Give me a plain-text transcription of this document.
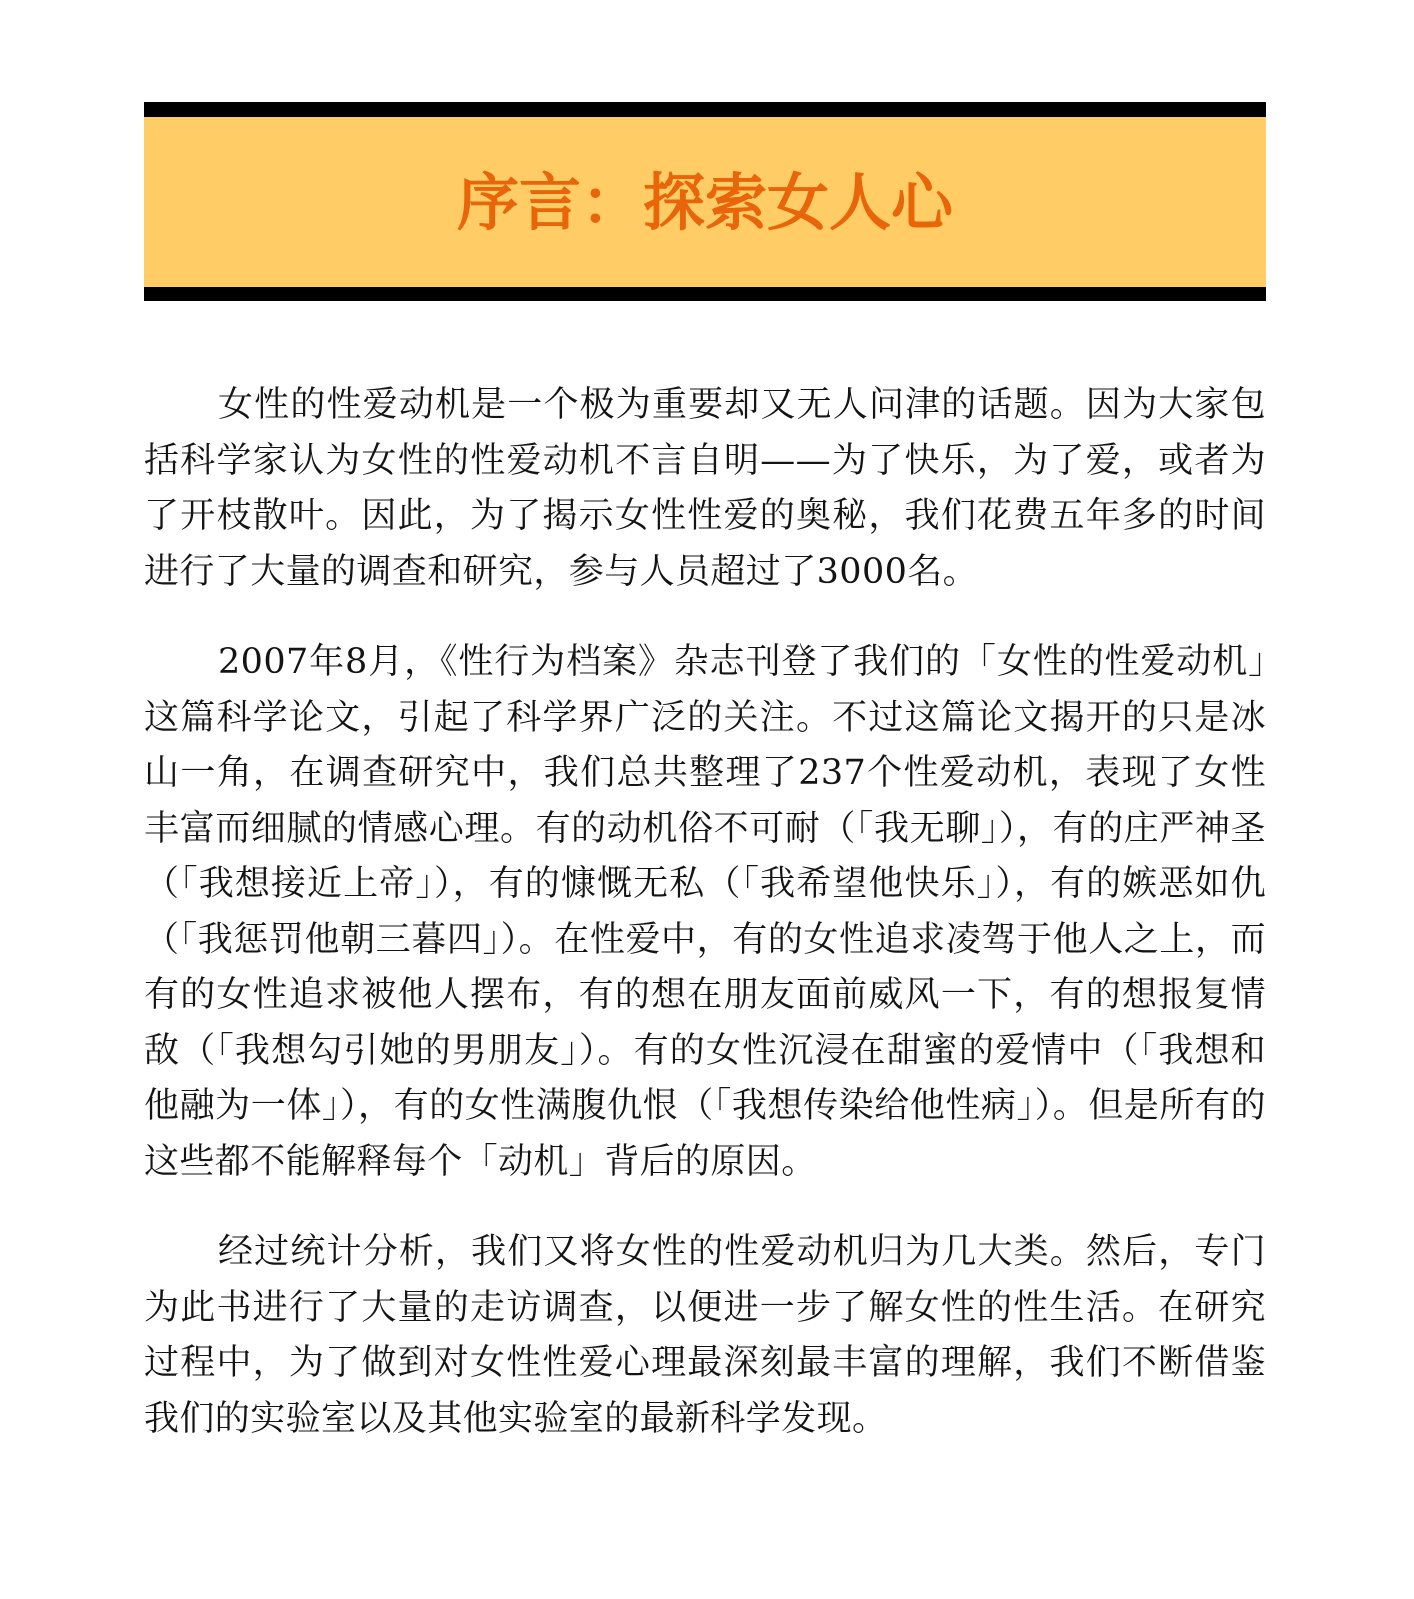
序言：探索女人心

女性的性爱动机是一个极为重要却又无人问津的话题。因为大家包括科学家认为女性的性爱动机不言自明——为了快乐，为了爱，或者为了开枝散叶。因此，为了揭示女性性爱的奥秘，我们花费五年多的时间进行了大量的调查和研究，参与人员超过了3000名。

2007年8月，《性行为档案》杂志刊登了我们的「女性的性爱动机」这篇科学论文，引起了科学界广泛的关注。不过这篇论文揭开的只是冰山一角，在调查研究中，我们总共整理了237个性爱动机，表现了女性丰富而细腻的情感心理。有的动机俗不可耐（「我无聊」），有的庄严神圣（「我想接近上帝」），有的慷慨无私（「我希望他快乐」），有的嫉恶如仇（「我惩罚他朝三暮四」）。在性爱中，有的女性追求凌驾于他人之上，而有的女性追求被他人摆布，有的想在朋友面前威风一下，有的想报复情敌（「我想勾引她的男朋友」）。有的女性沉浸在甜蜜的爱情中（「我想和他融为一体」），有的女性满腹仇恨（「我想传染给他性病」）。但是所有的这些都不能解释每个「动机」背后的原因。

经过统计分析，我们又将女性的性爱动机归为几大类。然后，专门为此书进行了大量的走访调查，以便进一步了解女性的性生活。在研究过程中，为了做到对女性性爱心理最深刻最丰富的理解，我们不断借鉴我们的实验室以及其他实验室的最新科学发现。
